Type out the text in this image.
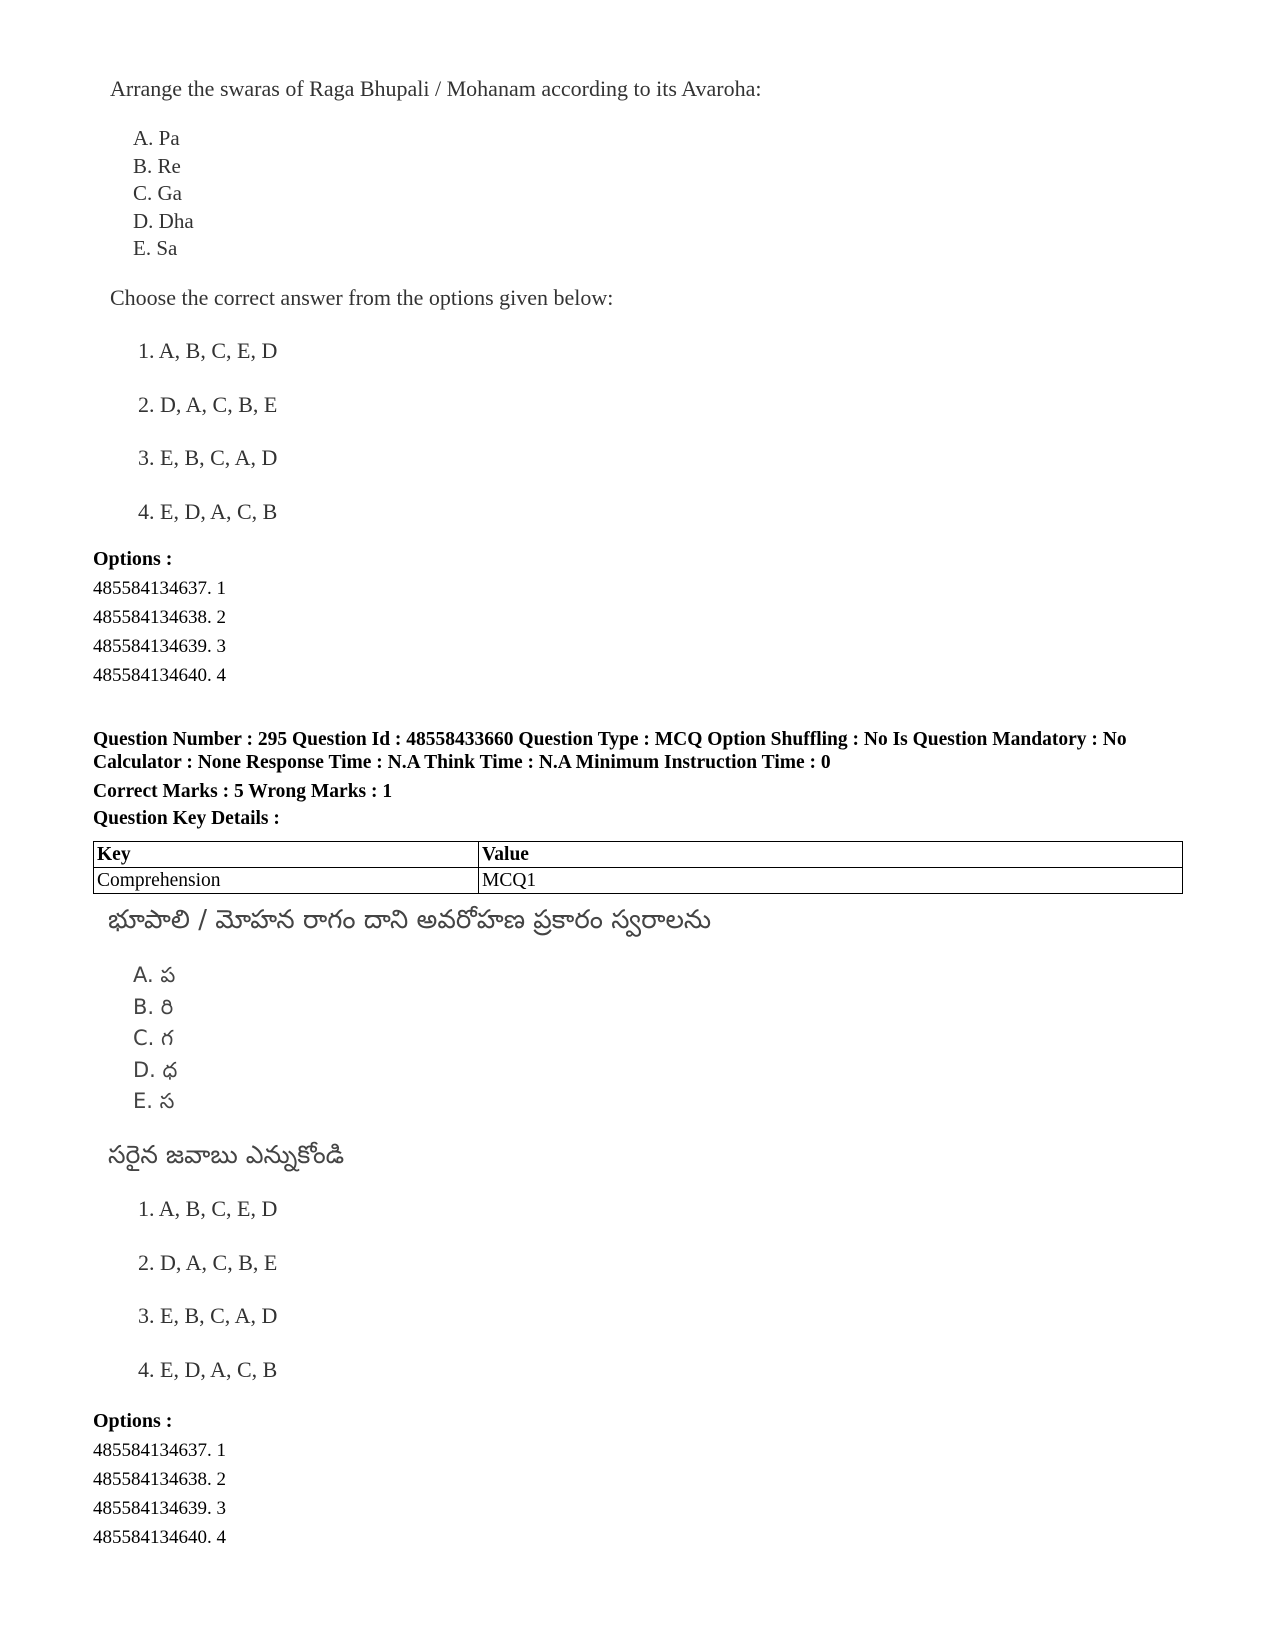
Arrange the swaras of Raga Bhupali / Mohanam according to its Avaroha:
A. Pa
B. Re
C. Ga
D. Dha
E. Sa
Choose the correct answer from the options given below:
1. A, B, C, E, D
2. D, A, C, B, E
3. E, B, C, A, D
4. E, D, A, C, B
Options :
485584134637. 1
485584134638. 2
485584134639. 3
485584134640. 4
Question Number : 295 Question Id : 48558433660 Question Type : MCQ Option Shuffling : No Is Question Mandatory : No Calculator : None Response Time : N.A Think Time : N.A Minimum Instruction Time : 0
Correct Marks : 5 Wrong Marks : 1
Question Key Details :
Key	Value
Comprehension	MCQ1
భూపాలి / మోహన రాగం దాని అవరోహణ ప్రకారం స్వరాలను
A. ప
B. రి
C. గ
D. ధ
E. స
సరైన జవాబు ఎన్నుకోండి
1. A, B, C, E, D
2. D, A, C, B, E
3. E, B, C, A, D
4. E, D, A, C, B
Options :
485584134637. 1
485584134638. 2
485584134639. 3
485584134640. 4
